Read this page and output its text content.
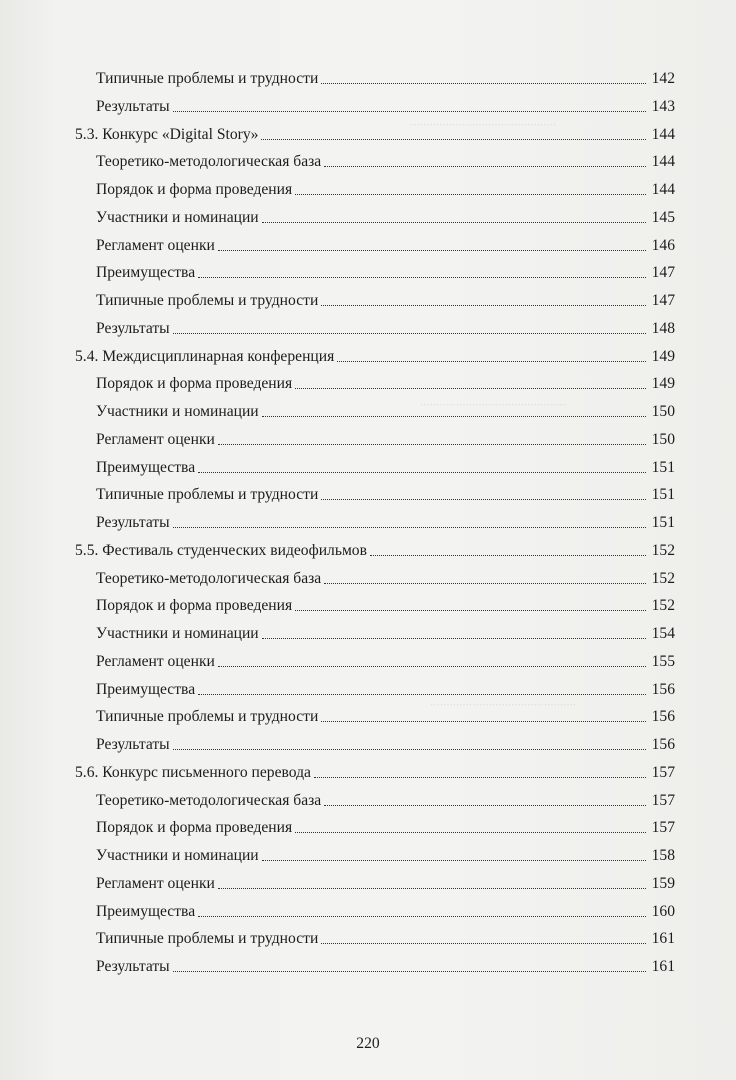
.............................................
.............................................
.............................................
Типичные проблемы и трудности	142
Результаты	143
5.3. Конкурс «Digital Story»	144
Теоретико-методологическая база	144
Порядок и форма проведения	144
Участники и номинации	145
Регламент оценки	146
Преимущества	147
Типичные проблемы и трудности	147
Результаты	148
5.4. Междисциплинарная конференция	149
Порядок и форма проведения	149
Участники и номинации	150
Регламент оценки	150
Преимущества	151
Типичные проблемы и трудности	151
Результаты	151
5.5. Фестиваль студенческих видеофильмов	152
Теоретико-методологическая база	152
Порядок и форма проведения	152
Участники и номинации	154
Регламент оценки	155
Преимущества	156
Типичные проблемы и трудности	156
Результаты	156
5.6. Конкурс письменного перевода	157
Теоретико-методологическая база	157
Порядок и форма проведения	157
Участники и номинации	158
Регламент оценки	159
Преимущества	160
Типичные проблемы и трудности	161
Результаты	161
220
